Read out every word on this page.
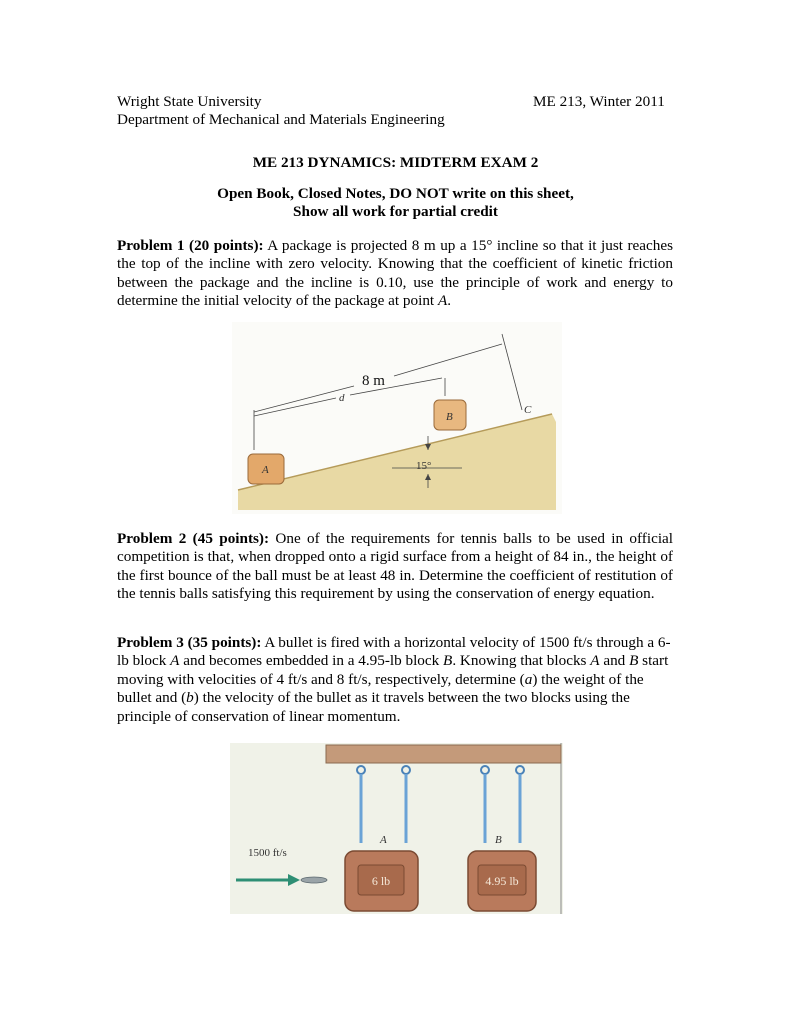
Wright State University
Department of Mechanical and Materials Engineering
ME 213, Winter 2011
ME 213 DYNAMICS: MIDTERM EXAM 2
Open Book, Closed Notes, DO NOT write on this sheet,
Show all work for partial credit
Problem 1 (20 points): A package is projected 8 m up a 15° incline so that it just reaches the top of the incline with zero velocity. Knowing that the coefficient of kinetic friction between the package and the incline is 0.10, use the principle of work and energy to determine the initial velocity of the package at point A.
15°
A
B
d
8 m
C
Problem 2 (45 points): One of the requirements for tennis balls to be used in official competition is that, when dropped onto a rigid surface from a height of 84 in., the height of the first bounce of the ball must be at least 48 in. Determine the coefficient of restitution of the tennis balls satisfying this requirement by using the conservation of energy equation.
Problem 3 (35 points): A bullet is fired with a horizontal velocity of 1500 ft/s through a 6-lb block A and becomes embedded in a 4.95-lb block B. Knowing that blocks A and B start moving with velocities of 4 ft/s and 8 ft/s, respectively, determine (a) the weight of the bullet and (b) the velocity of the bullet as it travels between the two blocks using the principle of conservation of linear momentum.
A	B
6 lb	4.95 lb
1500 ft/s
